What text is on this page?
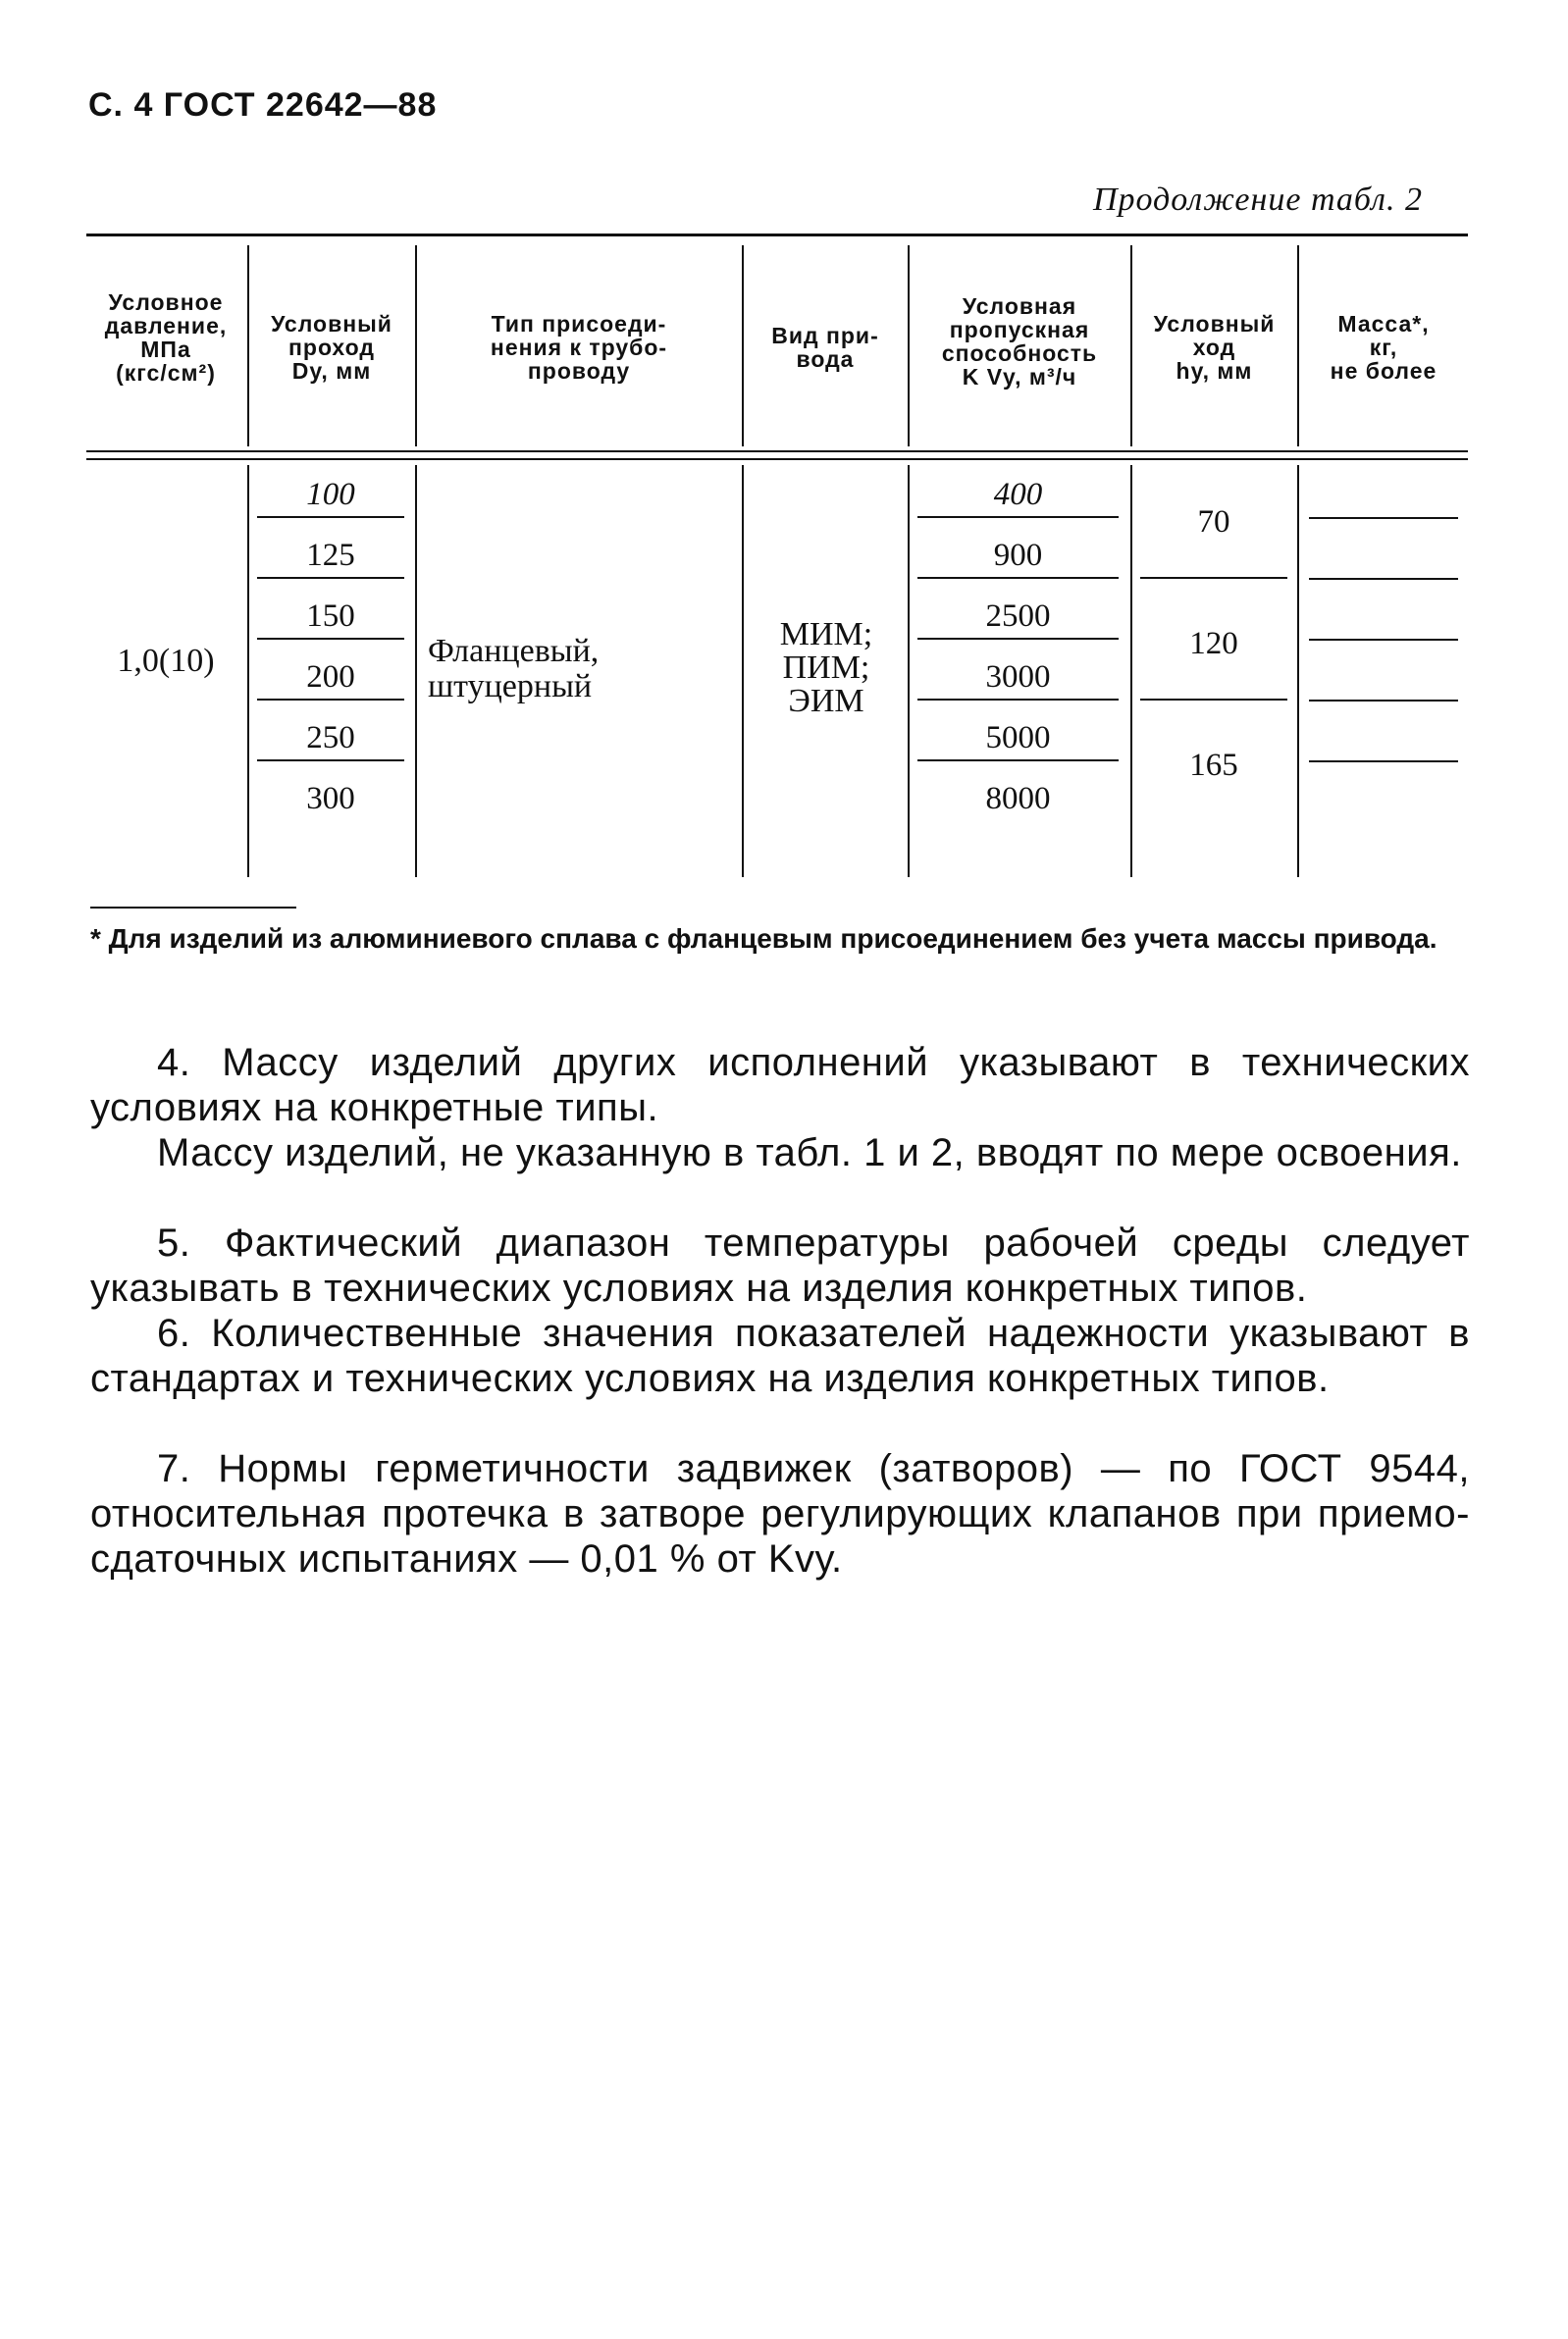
С. 4 ГОСТ 22642—88
Продолжение табл. 2
Условное
давление,
МПа
(кгс/см²)
Условный
проход
Dу, мм
Тип присоеди-
нения к трубо-
проводу
Вид при-
вода
Условная
пропускная
способность
K Vу, м³/ч
Условный
ход
hу, мм
Масса*,
кг,
не более
1,0(10)
100
125
150
200
250
300
Фланцевый,
штуцерный
МИМ;
ПИМ;
ЭИМ
400
900
2500
3000
5000
8000
70
120
165
* Для изделий из алюминиевого сплава с фланцевым присоединением без учета массы привода.
4. Массу изделий других исполнений указывают в технических условиях на конкретные типы.
Массу изделий, не указанную в табл. 1 и 2, вводят по мере освоения.
5. Фактический диапазон температуры рабочей среды следует указывать в технических условиях на изделия конкретных типов.
6. Количественные значения показателей надежности указывают в стандартах и технических условиях на изделия конкретных типов.
7. Нормы герметичности задвижек (затворов) — по ГОСТ 9544, относительная протечка в затворе регулирующих клапанов при приемо-сдаточных испытаниях — 0,01 % от Kvу.
